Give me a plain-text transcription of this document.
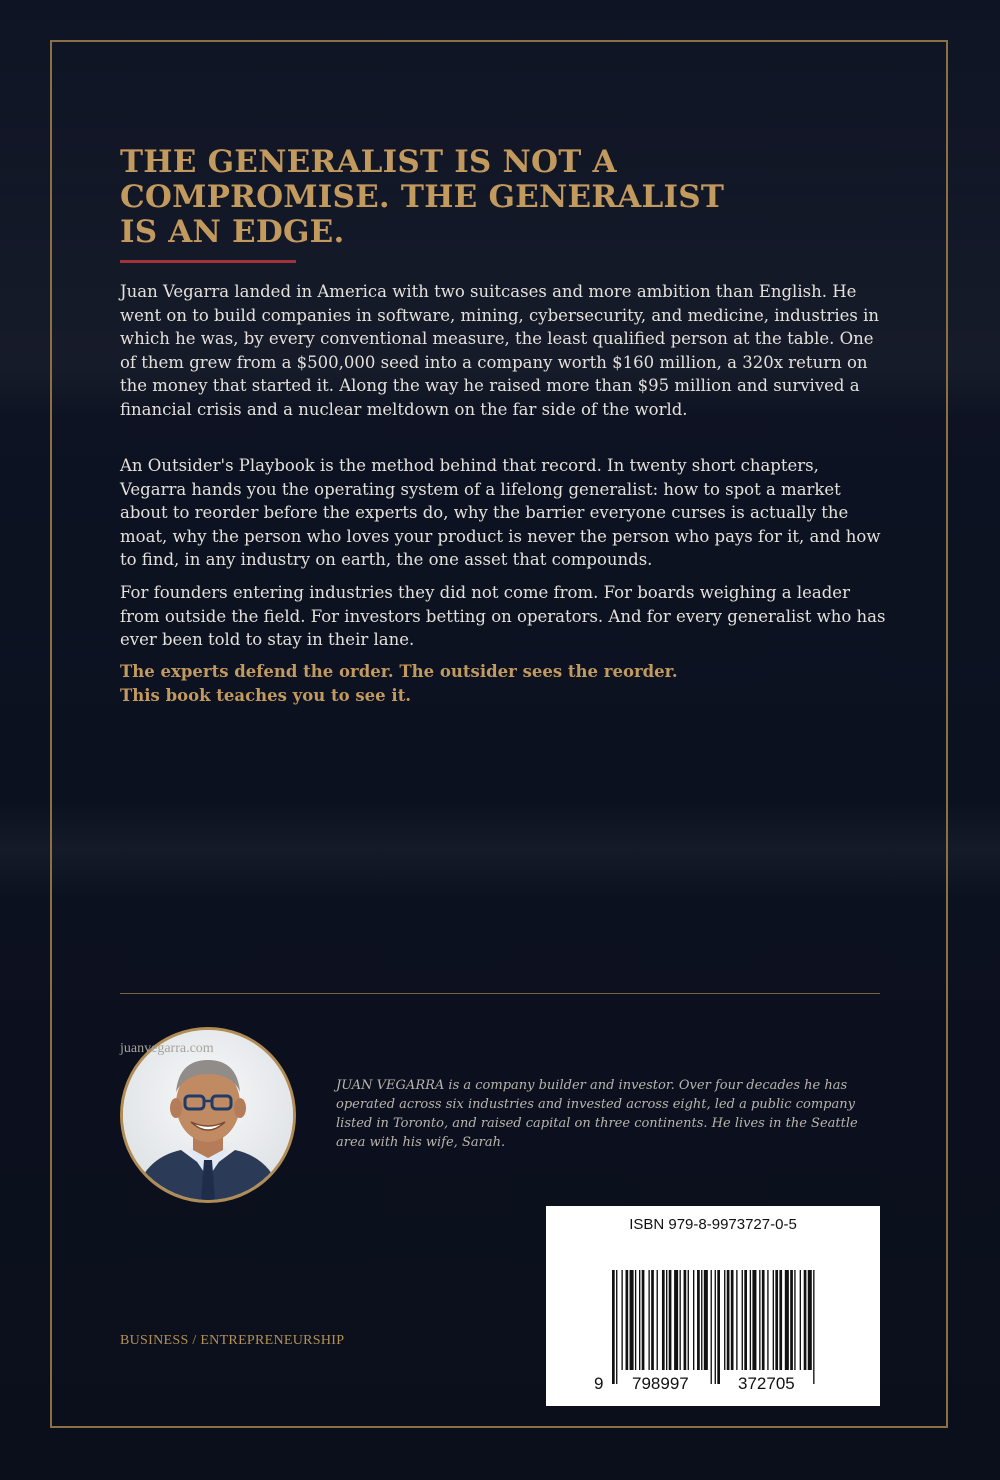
THE GENERALIST IS NOT A COMPROMISE. THE GENERALIST IS AN EDGE.

Juan Vegarra landed in America with two suitcases and more ambition than English. He went on to build companies in software, mining, cybersecurity, and medicine, industries in which he was, by every conventional measure, the least qualified person at the table. One of them grew from a $500,000 seed into a company worth $160 million, a 320x return on the money that started it. Along the way he raised more than $95 million and survived a financial crisis and a nuclear meltdown on the far side of the world.

An Outsider's Playbook is the method behind that record. In twenty short chapters, Vegarra hands you the operating system of a lifelong generalist: how to spot a market about to reorder before the experts do, why the barrier everyone curses is actually the moat, why the person who loves your product is never the person who pays for it, and how to find, in any industry on earth, the one asset that compounds.

For founders entering industries they did not come from. For boards weighing a leader from outside the field. For investors betting on operators. And for every generalist who has ever been told to stay in their lane.

The experts defend the order. The outsider sees the reorder. This book teaches you to see it.

JUAN VEGARRA is a company builder and investor. Over four decades he has operated across six industries and invested across eight, led a public company listed in Toronto, and raised capital on three continents. He lives in the Seattle area with his wife, Sarah.

ISBN 979-8-9973727-0-5
9 798997	372705

BUSINESS / ENTREPRENEURSHIP

juanvegarra.com
